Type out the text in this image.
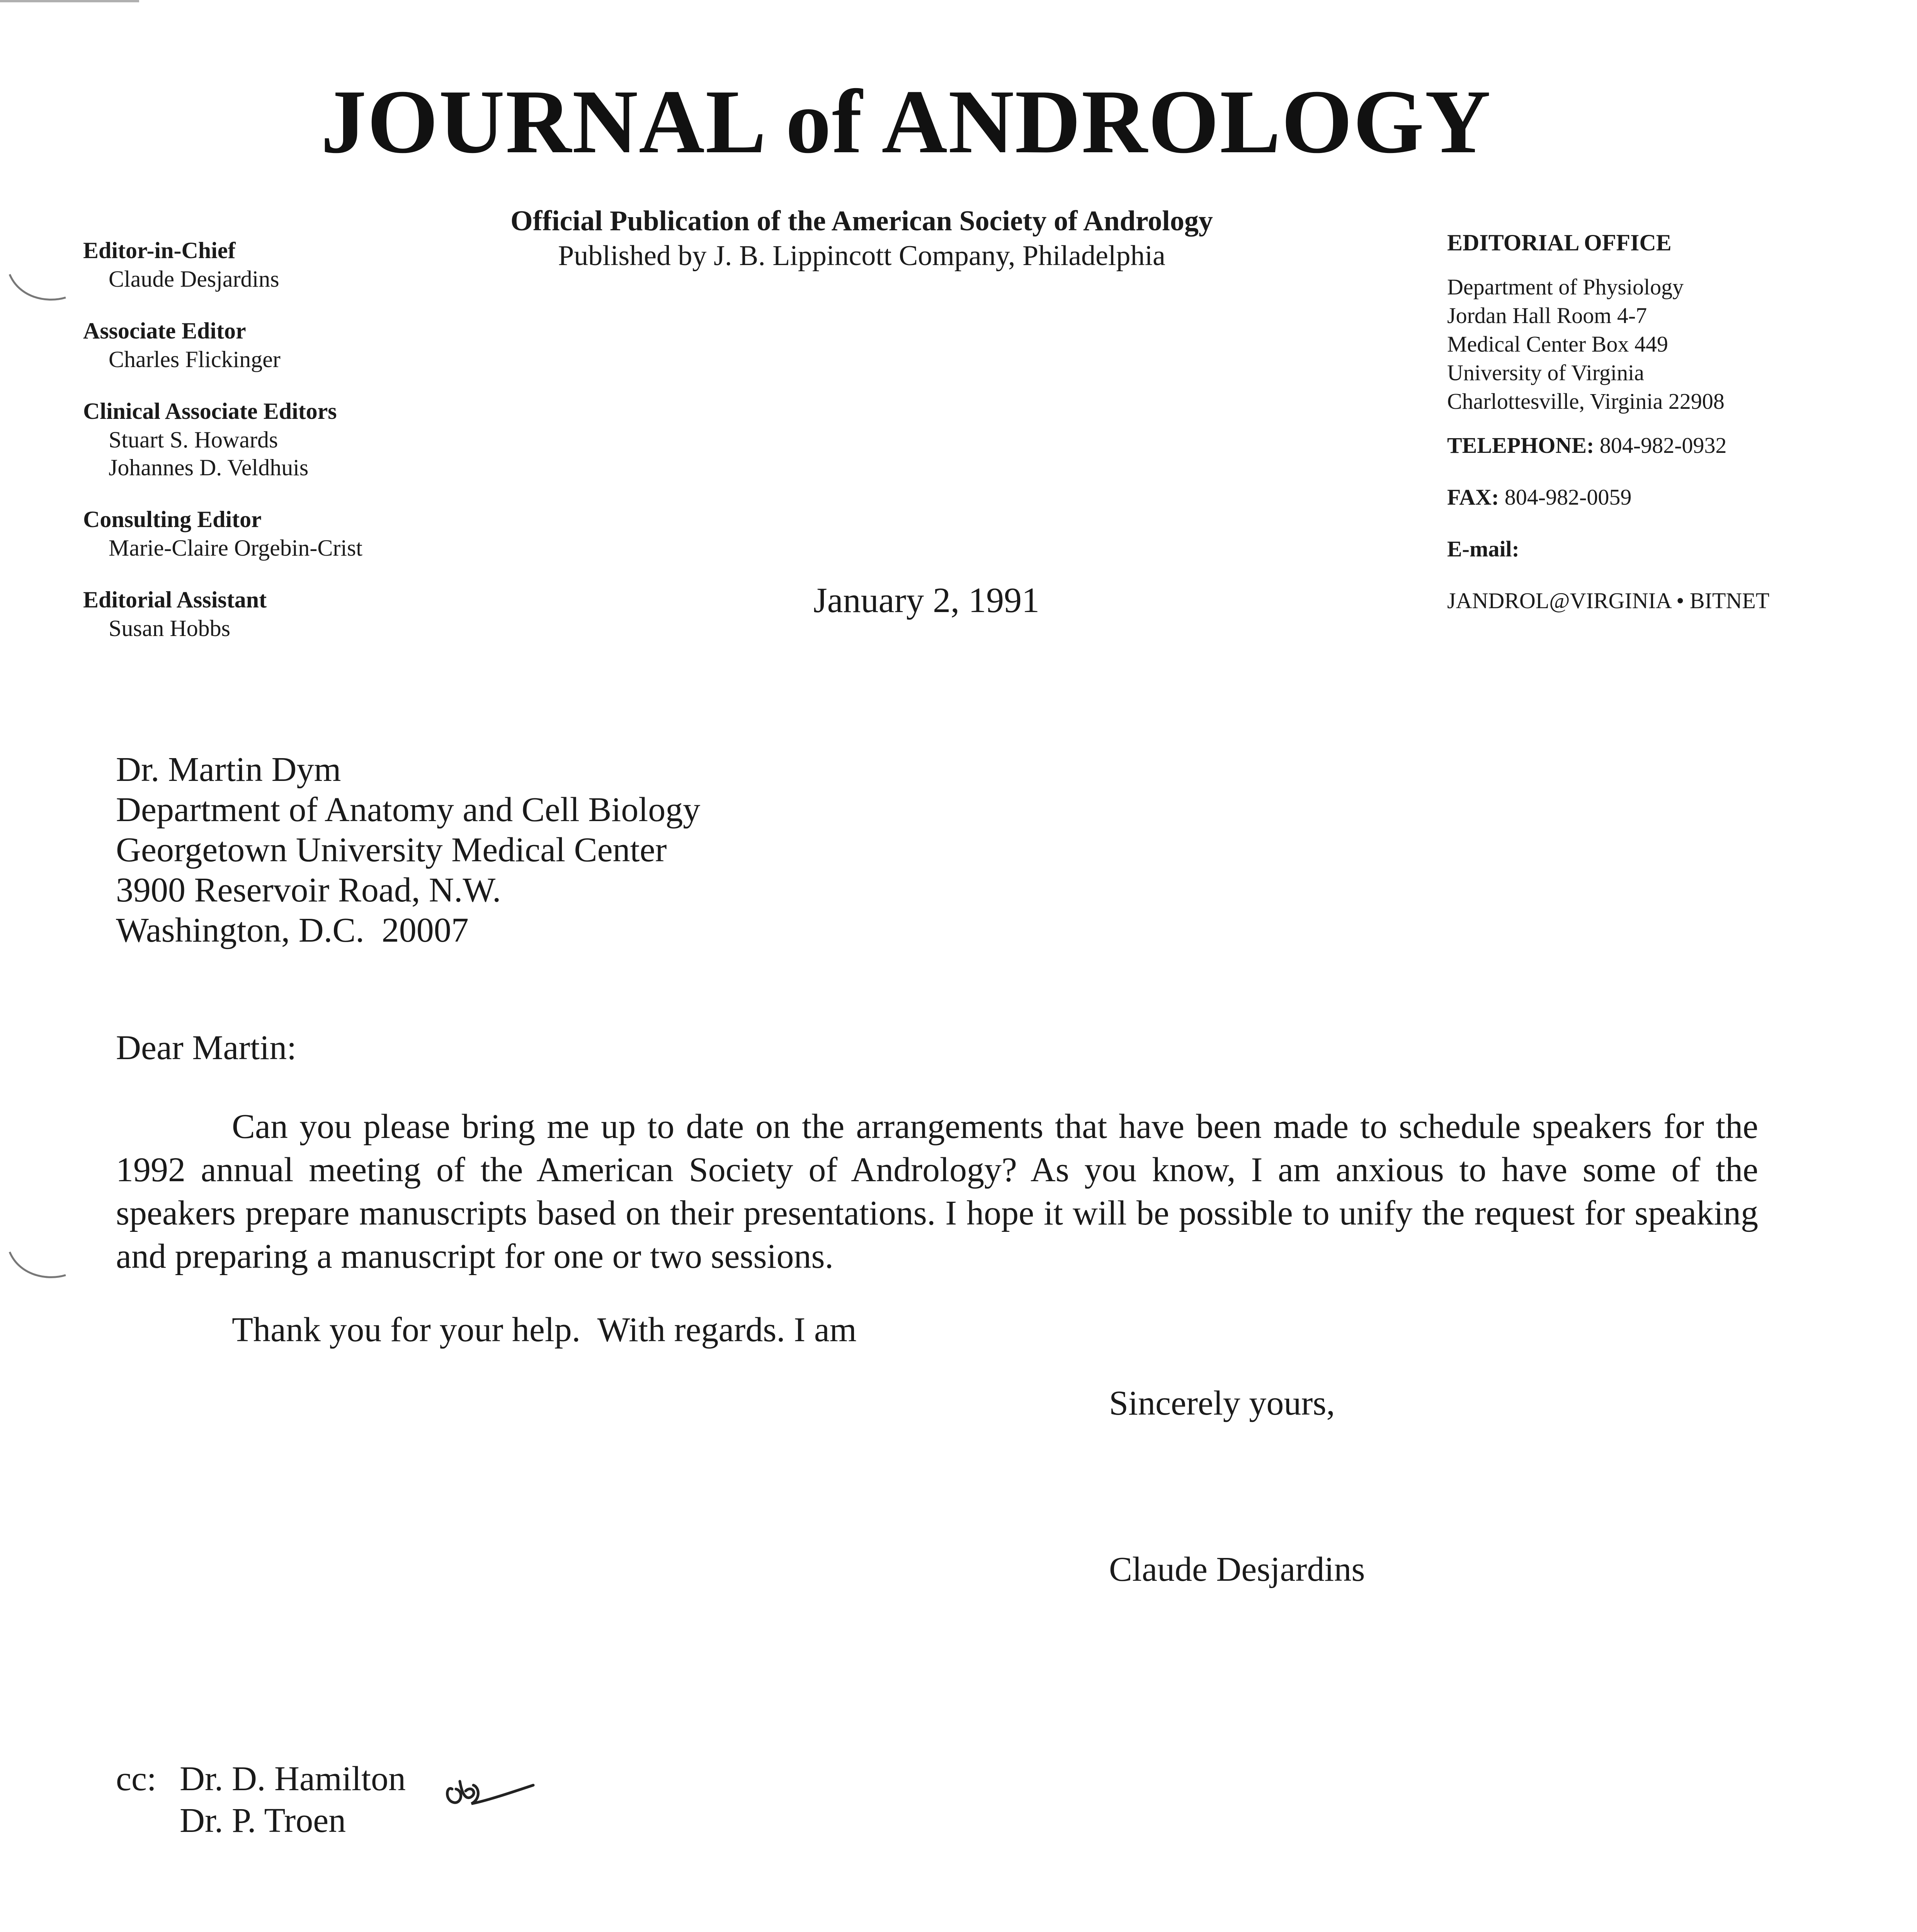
JOURNAL of ANDROLOGY
Official Publication of the American Society of Andrology
Published by J. B. Lippincott Company, Philadelphia
Editor-in-Chief
Claude Desjardins
Associate Editor
Charles Flickinger
Clinical Associate Editors
Stuart S. Howards
Johannes D. Veldhuis
Consulting Editor
Marie-Claire Orgebin-Crist
Editorial Assistant
Susan Hobbs
EDITORIAL OFFICE
Department of Physiology
Jordan Hall Room 4-7
Medical Center Box 449
University of Virginia
Charlottesville, Virginia 22908
TELEPHONE: 804-982-0932
FAX: 804-982-0059
E-mail:
JANDROL@VIRGINIA • BITNET
January 2, 1991
Dr. Martin Dym
Department of Anatomy and Cell Biology
Georgetown University Medical Center
3900 Reservoir Road, N.W.
Washington, D.C.  20007
Dear Martin:
Can you please bring me up to date on the arrangements that have been made to schedule speakers for the 1992 annual meeting of the American Society of Andrology? As you know, I am anxious to have some of the speakers prepare manuscripts based on their presentations. I hope it will be possible to unify the request for speaking and preparing a manuscript for one or two sessions.
Thank you for your help.  With regards. I am
Sincerely yours,
Claude Desjardins
cc: Dr. D. Hamilton
Dr. P. Troen
